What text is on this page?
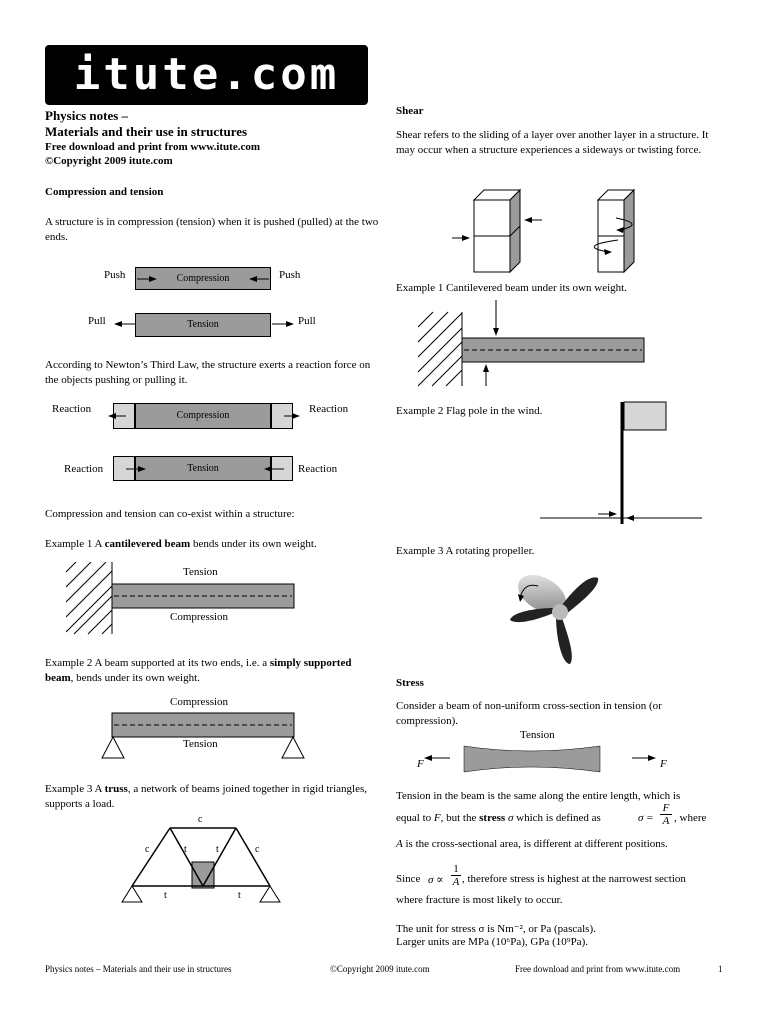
itute.com
Physics notes –
Materials and their use in structures
Free download and print from www.itute.com
©Copyright 2009 itute.com
Compression and tension
A structure is in compression (tension) when it is pushed (pulled) at the two ends.
Push	Compression	Push
Pull	Tension	Pull
According to Newton’s Third Law, the structure exerts a reaction force on the objects pushing or pulling it.
Reaction
Compression
Reaction
Reaction	Tension	Reaction
Compression and tension can co-exist within a structure:
Example 1 A cantilevered beam bends under its own weight.
Tension
Compression
Example 2 A beam supported at its two ends, i.e. a simply supported beam, bends under its own weight.
Compression
Tension
Example 3 A truss, a network of beams joined together in rigid triangles, supports a load.
c
c	t	t	c
t	t
Shear
Shear refers to the sliding of a layer over another layer in a structure. It may occur when a structure experiences a sideways or twisting force.
Example 1 Cantilevered beam under its own weight.
Example 2 Flag pole in the wind.
Example 3 A rotating propeller.
Stress
Consider a beam of non-uniform cross-section in tension (or compression).
Tension
F	F
Tension in the beam is the same along the entire length, which is
equal to F, but the stress σ which is defined as	$\sigma = \frac{F}{A}$ , where
A is the cross-sectional area, is different at different positions.
Since $\sigma \propto \frac{1}{A}$ , therefore stress is highest at the narrowest section
where fracture is most likely to occur.
The unit for stress σ is Nm⁻², or Pa (pascals).
Larger units are MPa (10⁶Pa), GPa (10⁹Pa).
Physics notes – Materials and their use in structures	©Copyright 2009 itute.com	Free download and print from www.itute.com	1
